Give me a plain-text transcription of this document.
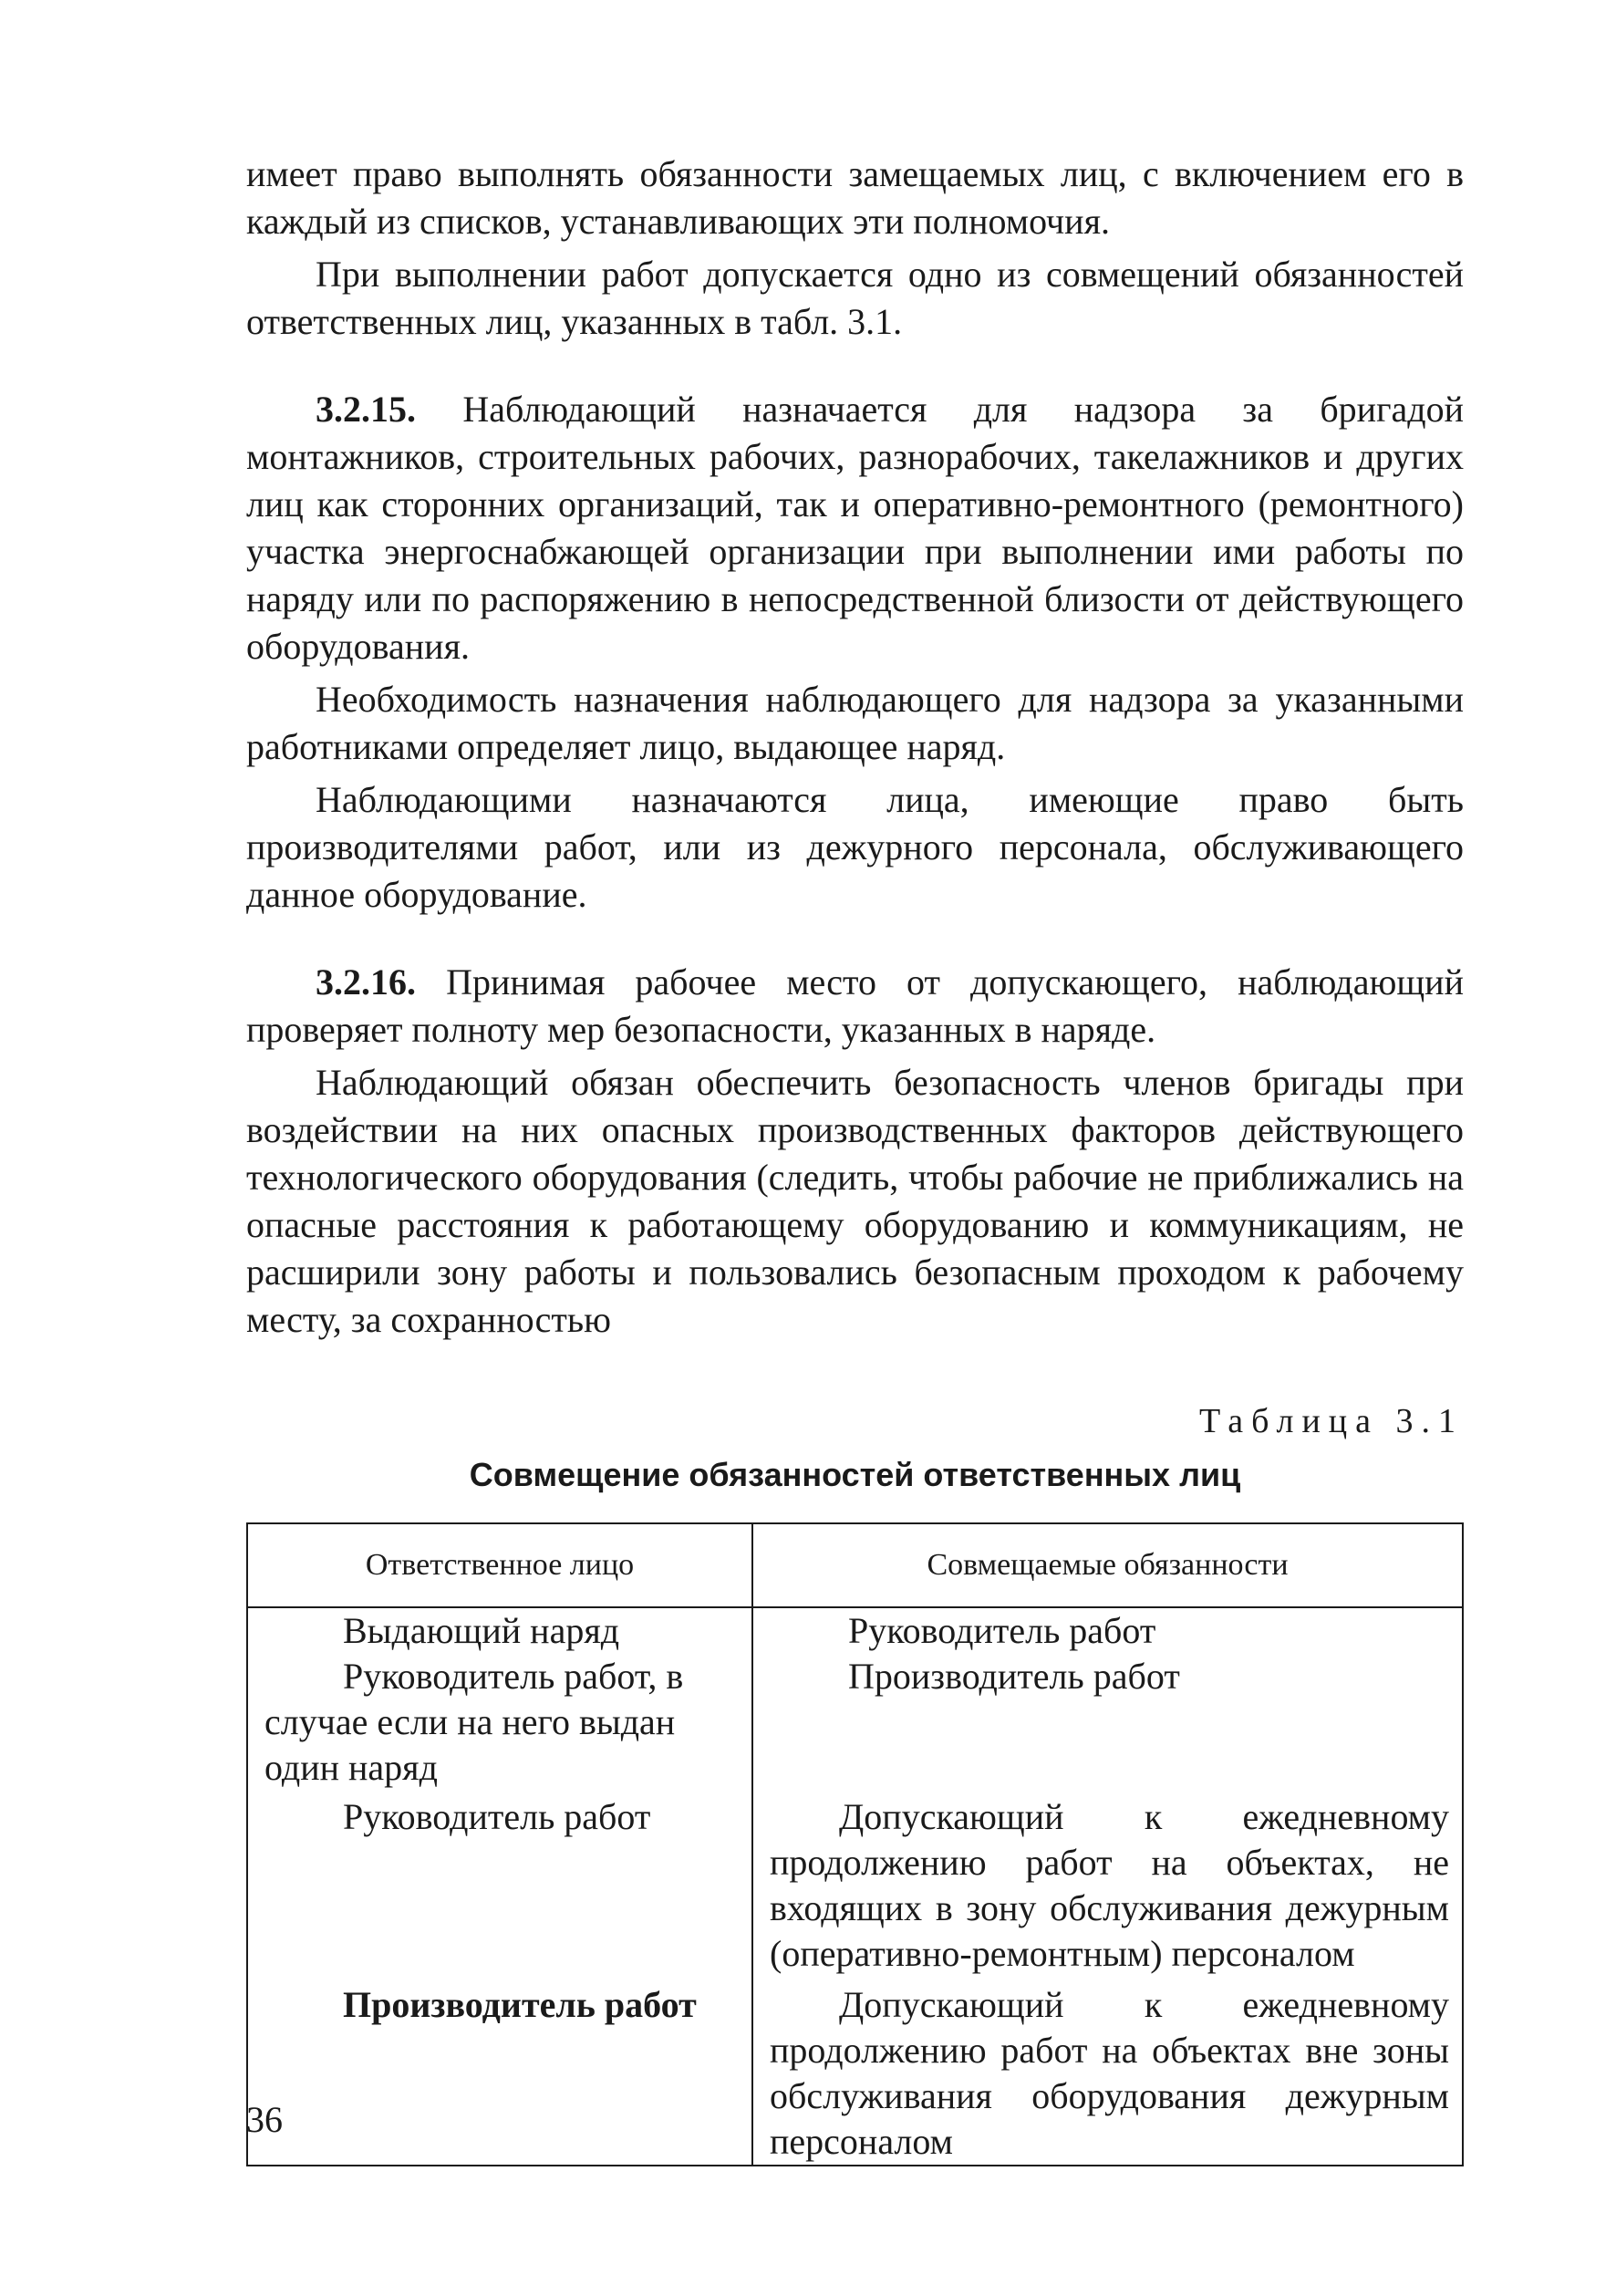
имеет право выполнять обязанности замещаемых лиц, с включением его в каждый из списков, устанавливающих эти полномочия.

При выполнении работ допускается одно из совмещений обязанностей ответственных лиц, указанных в табл. 3.1.

3.2.15. Наблюдающий назначается для надзора за бригадой монтажников, строительных рабочих, разнорабочих, такелажников и других лиц как сторонних организаций, так и оперативно-ремонтного (ремонтного) участка энергоснабжающей организации при выполнении ими работы по наряду или по распоряжению в непосредственной близости от действующего оборудования.

Необходимость назначения наблюдающего для надзора за указанными работниками определяет лицо, выдающее наряд.

Наблюдающими назначаются лица, имеющие право быть производителями работ, или из дежурного персонала, обслуживающего данное оборудование.

3.2.16. Принимая рабочее место от допускающего, наблюдающий проверяет полноту мер безопасности, указанных в наряде.

Наблюдающий обязан обеспечить безопасность членов бригады при воздействии на них опасных производственных факторов действующего технологического оборудования (следить, чтобы рабочие не приближались на опасные расстояния к работающему оборудованию и коммуникациям, не расширили зону работы и пользовались безопасным проходом к рабочему месту, за сохранностью

Таблица 3.1
Совмещение обязанностей ответственных лиц
Ответственное лицо	Совмещаемые обязанности
Выдающий наряд	Руководитель работ
Руководитель работ, в случае если на него выдан один наряд	Производитель работ
Руководитель работ	Допускающий к ежедневному продолжению работ на объектах, не входящих в зону обслуживания дежурным (оперативно-ремонтным) персоналом
Производитель работ	Допускающий к ежедневному продолжению работ на объектах вне зоны обслуживания оборудования дежурным персоналом
36
